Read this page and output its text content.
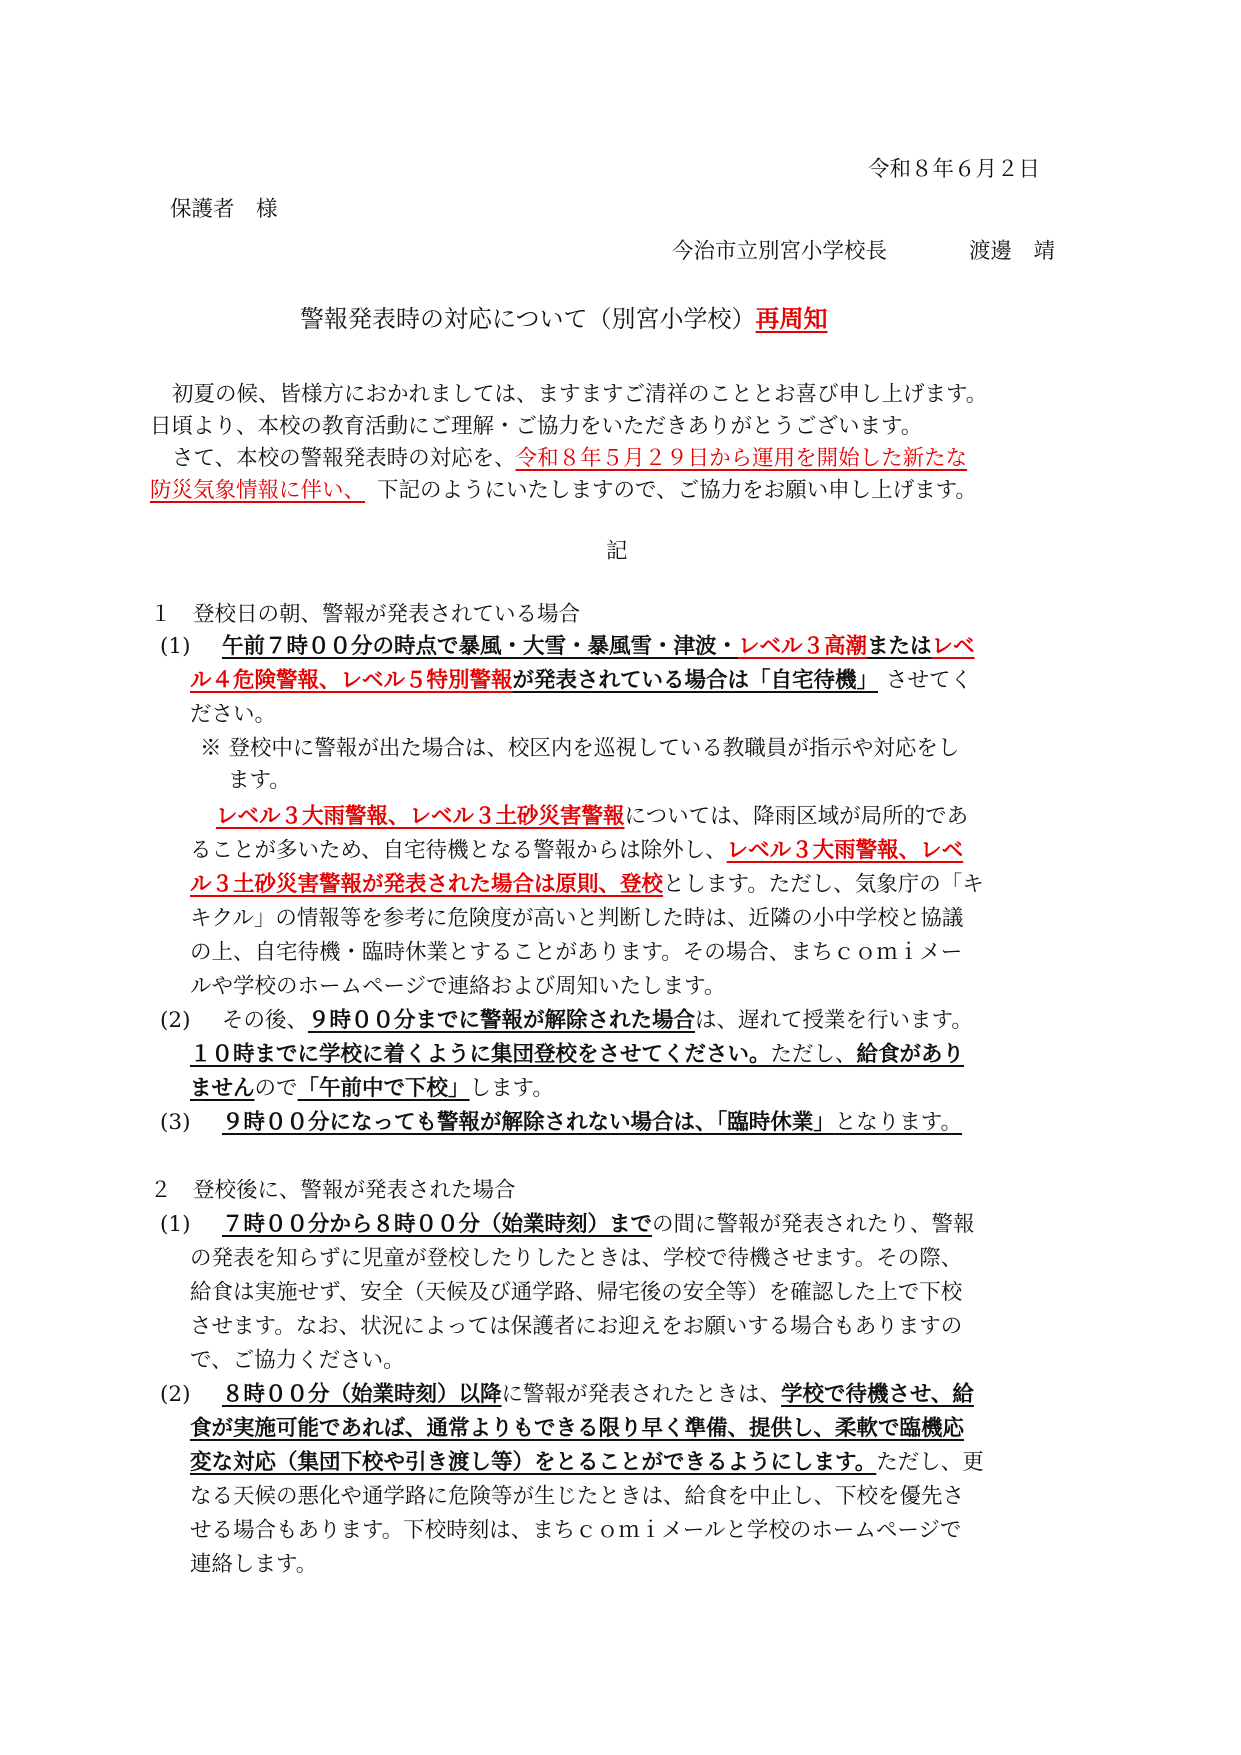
令和８年６月２日
保護者　様
今治市立別宮小学校長	渡邊　靖
警報発表時の対応について（別宮小学校）再周知
初夏の候、皆様方におかれましては、ますますご清祥のこととお喜び申し上げます。
日頃より、本校の教育活動にご理解・ご協力をいただきありがとうございます。
さて、本校の警報発表時の対応を、令和８年５月２９日から運用を開始した新たな
防災気象情報に伴い、 下記のようにいたしますので、ご協力をお願い申し上げます。
記
１　登校日の朝、警報が発表されている場合
(1) 午前７時００分の時点で暴風・大雪・暴風雪・津波・レベル３高潮またはレベ
ル４危険警報、レベル５特別警報が発表されている場合は「自宅待機」 させてく
ださい。
※ 登校中に警報が出た場合は、校区内を巡視している教職員が指示や対応をし
ます。
レベル３大雨警報、レベル３土砂災害警報については、降雨区域が局所的であ
ることが多いため、自宅待機となる警報からは除外し、レベル３大雨警報、レベ
ル３土砂災害警報が発表された場合は原則、登校とします。ただし、気象庁の「キ
キクル」の情報等を参考に危険度が高いと判断した時は、近隣の小中学校と協議
の上、自宅待機・臨時休業とすることがあります。その場合、まちｃｏｍｉメー
ルや学校のホームページで連絡および周知いたします。
(2) その後、９時００分までに警報が解除された場合は、遅れて授業を行います。
１０時までに学校に着くように集団登校をさせてください。ただし、給食があり
ませんので「午前中で下校」します。
(3) ９時００分になっても警報が解除されない場合は、「臨時休業」となります。
２　登校後に、警報が発表された場合
(1) ７時００分から８時００分（始業時刻）までの間に警報が発表されたり、警報
の発表を知らずに児童が登校したりしたときは、学校で待機させます。その際、
給食は実施せず、安全（天候及び通学路、帰宅後の安全等）を確認した上で下校
させます。なお、状況によっては保護者にお迎えをお願いする場合もありますの
で、ご協力ください。
(2) ８時００分（始業時刻）以降に警報が発表されたときは、学校で待機させ、給
食が実施可能であれば、通常よりもできる限り早く準備、提供し、柔軟で臨機応
変な対応（集団下校や引き渡し等）をとることができるようにします。ただし、更
なる天候の悪化や通学路に危険等が生じたときは、給食を中止し、下校を優先さ
せる場合もあります。下校時刻は、まちｃｏｍｉメールと学校のホームページで
連絡します。
